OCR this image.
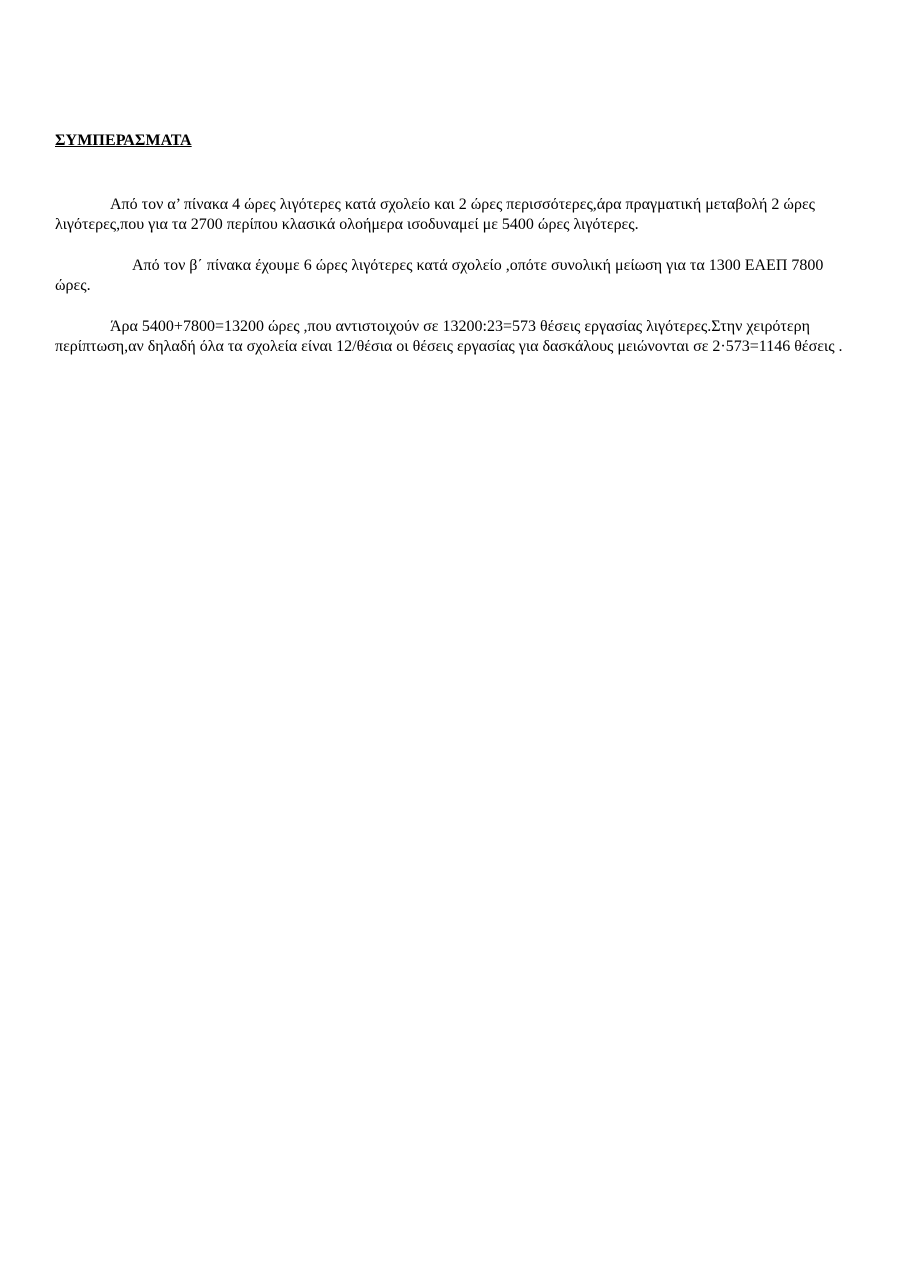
ΣΥΜΠΕΡΑΣΜΑΤΑ

Από τον α’ πίνακα 4 ώρες λιγότερες κατά σχολείο και 2 ώρες περισσότερες,άρα πραγματική μεταβολή 2 ώρες λιγότερες,που για τα 2700 περίπου κλασικά ολοήμερα ισοδυναμεί με 5400 ώρες λιγότερες.

Από τον β΄ πίνακα έχουμε 6 ώρες λιγότερες κατά σχολείο ,οπότε συνολική μείωση για τα 1300 ΕΑΕΠ 7800 ώρες.

Άρα 5400+7800=13200 ώρες ,που αντιστοιχούν σε 13200:23=573 θέσεις εργασίας λιγότερες.Στην χειρότερη περίπτωση,αν δηλαδή όλα τα σχολεία είναι 12/θέσια οι θέσεις εργασίας για δασκάλους μειώνονται σε 2·573=1146 θέσεις .
